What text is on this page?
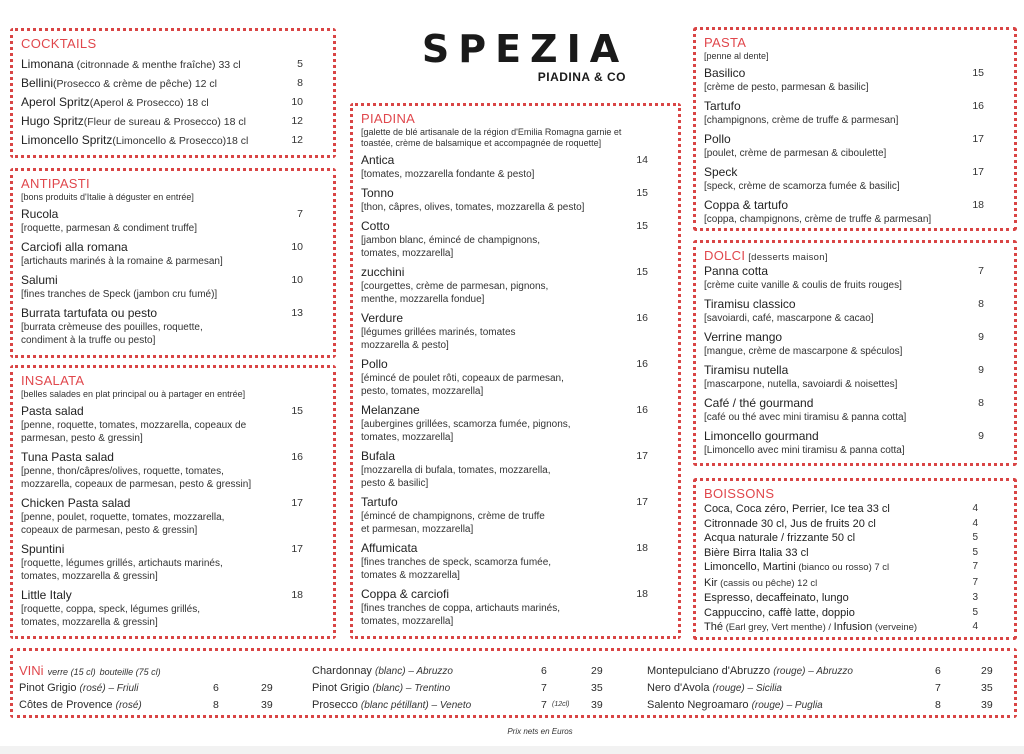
SPEZIA
PIADINA & CO
COCKTAILS
Limonana (citronnade & menthe fraîche) 33 cl	5
Bellini(Prosecco & crème de pêche) 12 cl	8
Aperol Spritz(Aperol & Prosecco) 18 cl	10
Hugo Spritz(Fleur de sureau & Prosecco) 18 cl	12
Limoncello Spritz(Limoncello & Prosecco)18 cl	12
ANTIPASTI
[bons produits d'Italie à déguster en entrée]
Rucola
[roquette, parmesan & condiment truffe]
7
Carciofi alla romana
[artichauts marinés à la romaine & parmesan]
10
Salumi
[fines tranches de Speck (jambon cru fumé)]
10
Burrata tartufata ou pesto
[burrata crèmeuse des pouilles, roquette,
condiment à la truffe ou pesto]
13
INSALATA
[belles salades en plat principal ou à partager en entrée]
Pasta salad
[penne, roquette, tomates, mozzarella, copeaux de
parmesan, pesto & gressin]
15
Tuna Pasta salad
[penne, thon/câpres/olives, roquette, tomates,
mozzarella, copeaux de parmesan, pesto & gressin]
16
Chicken Pasta salad
[penne, poulet, roquette, tomates, mozzarella,
copeaux de parmesan, pesto & gressin]
17
Spuntini
[roquette, légumes grillés, artichauts marinés,
tomates, mozzarella & gressin]
17
Little Italy
[roquette, coppa, speck, légumes grillés,
tomates, mozzarella & gressin]
18
PIADINA
[galette de blé artisanale de la région d'Emilia Romagna garnie et
toastée, crème de balsamique et accompagnée de roquette]
Antica
[tomates, mozzarella fondante & pesto]
14
Tonno
[thon, câpres, olives, tomates, mozzarella & pesto]
15
Cotto
[jambon blanc, émincé de champignons,
tomates, mozzarella]
15
zucchini
[courgettes, crème de parmesan, pignons,
menthe, mozzarella fondue]
15
Verdure
[légumes grillées marinés, tomates
mozzarella & pesto]
16
Pollo
[émincé de poulet rôti, copeaux de parmesan,
pesto, tomates, mozzarella]
16
Melanzane
[aubergines grillées, scamorza fumée, pignons,
tomates, mozzarella]
16
Bufala
[mozzarella di bufala, tomates, mozzarella,
pesto & basilic]
17
Tartufo
[émincé de champignons, crème de truffe
et parmesan, mozzarella]
17
Affumicata
[fines tranches de speck, scamorza fumée,
tomates & mozzarella]
18
Coppa & carciofi
[fines tranches de coppa, artichauts marinés,
tomates, mozzarella]
18
PASTA
[penne al dente]
Basilico
[crème de pesto, parmesan & basilic]
15
Tartufo
[champignons, crème de truffe & parmesan]
16
Pollo
[poulet, crème de parmesan & ciboulette]
17
Speck
[speck, crème de scamorza fumée & basilic]
17
Coppa & tartufo
[coppa, champignons, crème de truffe & parmesan]
18
DOLCI [desserts maison]
Panna cotta
[crème cuite vanille & coulis de fruits rouges]
7
Tiramisu classico
[savoiardi, café, mascarpone & cacao]
8
Verrine mango
[mangue, crème de mascarpone & spéculos]
9
Tiramisu nutella
[mascarpone, nutella, savoiardi & noisettes]
9
Café / thé gourmand
[café ou thé avec mini tiramisu & panna cotta]
8
Limoncello gourmand
[Limoncello avec mini tiramisu & panna cotta]
9
BOISSONS
Coca, Coca zéro, Perrier, Ice tea 33 cl	4
Citronnade 30 cl, Jus de fruits 20 cl	4
Acqua naturale / frizzante 50 cl	5
Bière Birra Italia 33 cl	5
Limoncello, Martini (bianco ou rosso) 7 cl	7
Kir (cassis ou pêche) 12 cl	7
Espresso, decaffeinato, lungo	3
Cappuccino, caffè latte, doppio	5
Thé (Earl grey, Vert menthe) / Infusion (verveine)	4
VINi verre (15 cl) bouteille (75 cl)
Pinot Grigio (rosé) – Friuli	6	29
Côtes de Provence (rosé)	8	39
Chardonnay (blanc) – Abruzzo	6	29
Pinot Grigio (blanc) – Trentino	7	35
Prosecco (blanc pétillant) – Veneto	7 (12cl) 39
Montepulciano d'Abruzzo (rouge) – Abruzzo	6	29
Nero d'Avola (rouge) – Sicilia	7	35
Salento Negroamaro (rouge) – Puglia	8	39
Prix nets en Euros
